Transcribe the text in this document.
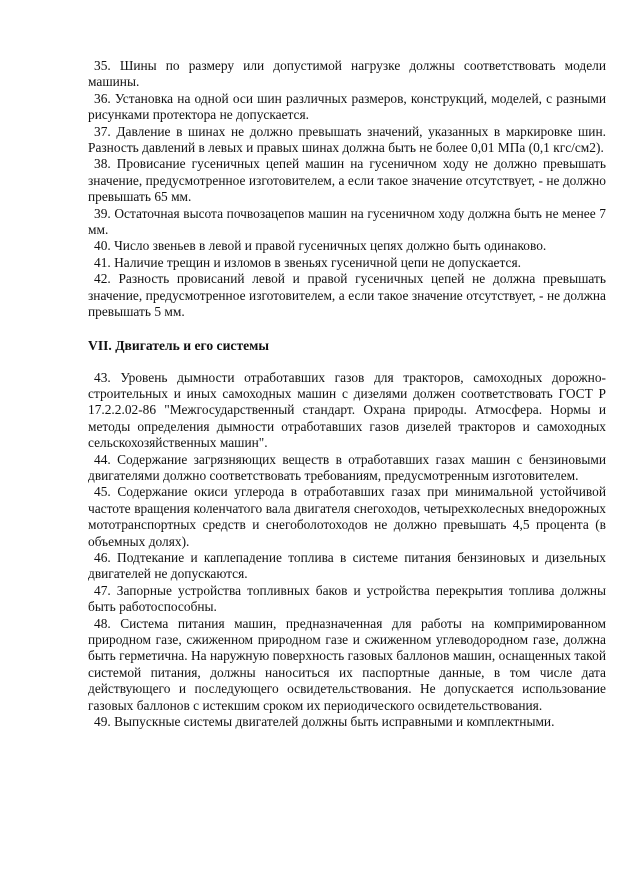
35. Шины по размеру или допустимой нагрузке должны соответствовать модели машины.

36. Установка на одной оси шин различных размеров, конструкций, моделей, с разными рисунками протектора не допускается.

37. Давление в шинах не должно превышать значений, указанных в маркировке шин. Разность давлений в левых и правых шинах должна быть не более 0,01 МПа (0,1 кгс/см2).

38. Провисание гусеничных цепей машин на гусеничном ходу не должно превышать значение, предусмотренное изготовителем, а если такое значение отсутствует, - не должно превышать 65 мм.

39. Остаточная высота почвозацепов машин на гусеничном ходу должна быть не менее 7 мм.

40. Число звеньев в левой и правой гусеничных цепях должно быть одинаково.

41. Наличие трещин и изломов в звеньях гусеничной цепи не допускается.

42. Разность провисаний левой и правой гусеничных цепей не должна превышать значение, предусмотренное изготовителем, а если такое значение отсутствует, - не должна превышать 5 мм.

VII. Двигатель и его системы

43. Уровень дымности отработавших газов для тракторов, самоходных дорожно-строительных и иных самоходных машин с дизелями должен соответствовать ГОСТ Р 17.2.2.02-86 "Межгосударственный стандарт. Охрана природы. Атмосфера. Нормы и методы определения дымности отработавших газов дизелей тракторов и самоходных сельскохозяйственных машин".

44. Содержание загрязняющих веществ в отработавших газах машин с бензиновыми двигателями должно соответствовать требованиям, предусмотренным изготовителем.

45. Содержание окиси углерода в отработавших газах при минимальной устойчивой частоте вращения коленчатого вала двигателя снегоходов, четырехколесных внедорожных мототранспортных средств и снегоболотоходов не должно превышать 4,5 процента (в объемных долях).

46. Подтекание и каплепадение топлива в системе питания бензиновых и дизельных двигателей не допускаются.

47. Запорные устройства топливных баков и устройства перекрытия топлива должны быть работоспособны.

48. Система питания машин, предназначенная для работы на компримированном природном газе, сжиженном природном газе и сжиженном углеводородном газе, должна быть герметична. На наружную поверхность газовых баллонов машин, оснащенных такой системой питания, должны наноситься их паспортные данные, в том числе дата действующего и последующего освидетельствования. Не допускается использование газовых баллонов с истекшим сроком их периодического освидетельствования.

49. Выпускные системы двигателей должны быть исправными и комплектными.
